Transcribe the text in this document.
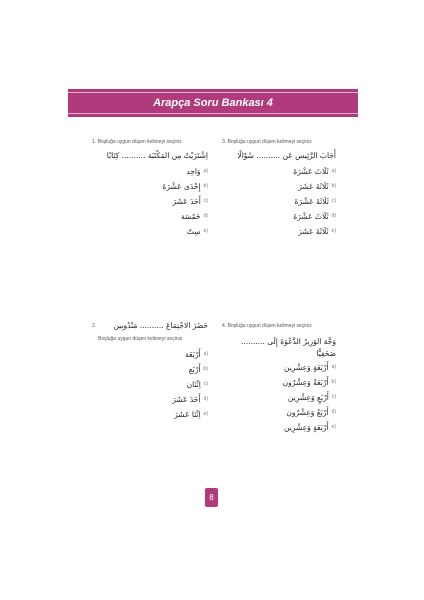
Arapça Soru Bankası 4
1. Boşluğa uygun düşen kelimeyi seçiniz
اِشْتَرَيْتُ مِن المَكْتَبَة .......... كِتَابًا
a)
وَاحِد
b)
إِحْدَى عَشْرَةَ
c)
أَحَدَ عَشَرَ
d)
خَمْسَة
e)
سِتّ
3. Boşluğa uygun düşen kelimeyi seçiniz
أَجَابَ الرَّئِيس عَن .......... سُؤَالًا
a)
ثَلَاثَ عَشْرَةَ
b)
ثَلَاثَةَ عَشَرَ
c)
ثَلَاثَةَ عَشْرَةَ
d)
ثَلَاثَ عَشْرَةَ
e)
ثَلَاثَةَ عَشَرَ
2. حَضَرَ الاجْتِمَاعَ .......... مَنْدُوبِين
Boşluğa uygun düşen kelimeyi seçiniz
a)
أَرْبَعَة
b)
أَرْبَع
c)
اِثْنَان
d)
أَحَدَ عَشَرَ
e)
اِثْنَا عَشَرَ
4. Boşluğa uygun düşen kelimeyi seçiniz
وَجَّهَ الوَزِيرُ الدَّعْوَةَ إِلَى ..........
صَحَفِيًّا
a)
أَرْبَعَةٍ وَعِشْرِين
b)
أَرْبَعَةُ وَعِشْرُون
c)
أَرْبَعٍ وَعِشْرِين
d)
أَرْبَعُ وَعِشْرُون
e)
أَرْبَعَةٍ وَعِشْرِين
8
